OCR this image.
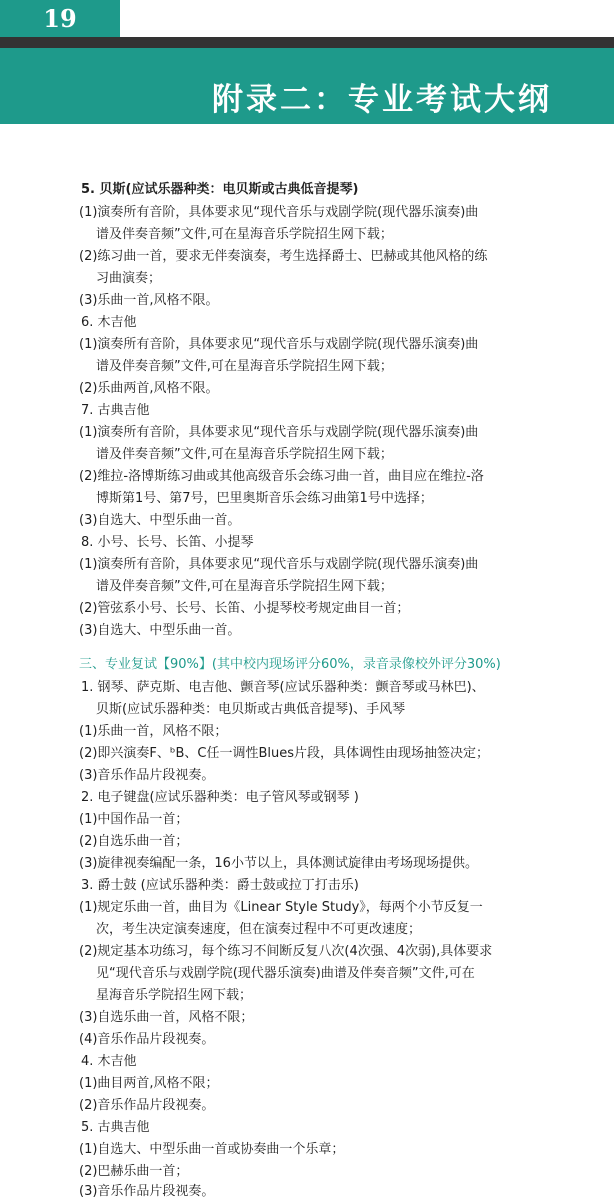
19
附录二：专业考试大纲
5. 贝斯(应试乐器种类：电贝斯或古典低音提琴)
(1)演奏所有音阶，具体要求见“现代音乐与戏剧学院(现代器乐演奏)曲
谱及伴奏音频”文件,可在星海音乐学院招生网下载；
(2)练习曲一首，要求无伴奏演奏，考生选择爵士、巴赫或其他风格的练
习曲演奏；
(3)乐曲一首,风格不限。
6. 木吉他
(1)演奏所有音阶，具体要求见“现代音乐与戏剧学院(现代器乐演奏)曲
谱及伴奏音频”文件,可在星海音乐学院招生网下载；
(2)乐曲两首,风格不限。
7. 古典吉他
(1)演奏所有音阶，具体要求见“现代音乐与戏剧学院(现代器乐演奏)曲
谱及伴奏音频”文件,可在星海音乐学院招生网下载；
(2)维拉-洛博斯练习曲或其他高级音乐会练习曲一首，曲目应在维拉-洛
博斯第1号、第7号，巴里奥斯音乐会练习曲第1号中选择；
(3)自选大、中型乐曲一首。
8. 小号、长号、长笛、小提琴
(1)演奏所有音阶，具体要求见“现代音乐与戏剧学院(现代器乐演奏)曲
谱及伴奏音频”文件,可在星海音乐学院招生网下载；
(2)管弦系小号、长号、长笛、小提琴校考规定曲目一首；
(3)自选大、中型乐曲一首。
三、专业复试【90%】(其中校内现场评分60%，录音录像校外评分30%)
1. 钢琴、萨克斯、电吉他、颤音琴(应试乐器种类：颤音琴或马林巴)、
贝斯(应试乐器种类：电贝斯或古典低音提琴)、手风琴
(1)乐曲一首，风格不限；
(2)即兴演奏F、ᵇB、C任一调性Blues片段，具体调性由现场抽签决定；
(3)音乐作品片段视奏。
2. 电子键盘(应试乐器种类：电子管风琴或钢琴 )
(1)中国作品一首；
(2)自选乐曲一首；
(3)旋律视奏编配一条，16小节以上，具体测试旋律由考场现场提供。
3. 爵士鼓 (应试乐器种类：爵士鼓或拉丁打击乐)
(1)规定乐曲一首，曲目为《Linear Style Study》，每两个小节反复一
次，考生决定演奏速度，但在演奏过程中不可更改速度；
(2)规定基本功练习，每个练习不间断反复八次(4次强、4次弱),具体要求
见“现代音乐与戏剧学院(现代器乐演奏)曲谱及伴奏音频”文件,可在
星海音乐学院招生网下载；
(3)自选乐曲一首，风格不限；
(4)音乐作品片段视奏。
4. 木吉他
(1)曲目两首,风格不限；
(2)音乐作品片段视奏。
5. 古典吉他
(1)自选大、中型乐曲一首或协奏曲一个乐章；
(2)巴赫乐曲一首；
(3)音乐作品片段视奏。
